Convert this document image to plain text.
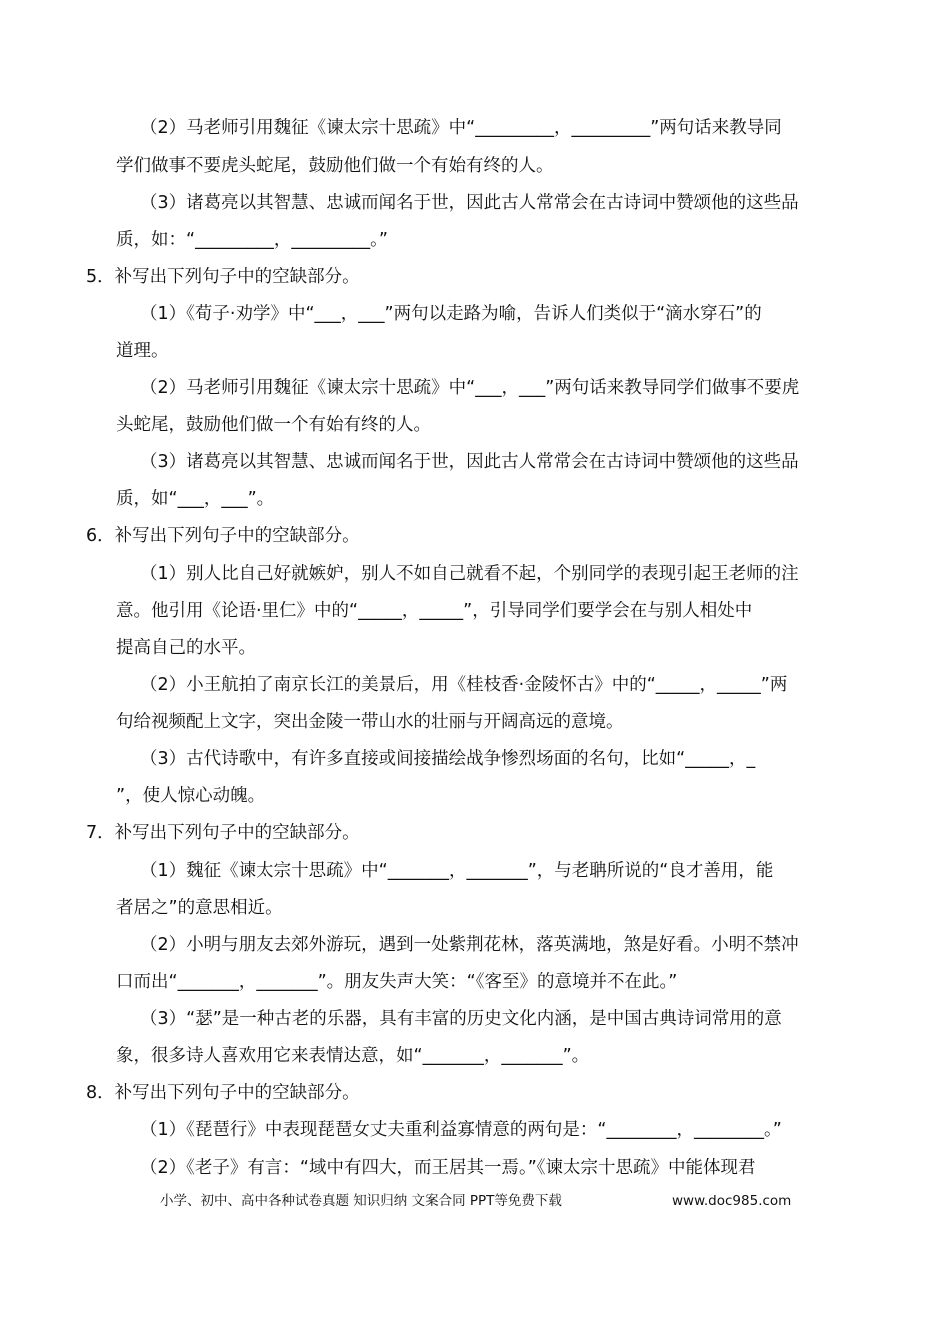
（2）马老师引用魏征《谏太宗十思疏》中“_________，_________”两句话来教导同
学们做事不要虎头蛇尾，鼓励他们做一个有始有终的人。
（3）诸葛亮以其智慧、忠诚而闻名于世，因此古人常常会在古诗词中赞颂他的这些品
质，如：“_________，_________。”
5．补写出下列句子中的空缺部分。
（1）《荀子·劝学》中“___，___”两句以走路为喻，告诉人们类似于“滴水穿石”的
道理。
（2）马老师引用魏征《谏太宗十思疏》中“___，___”两句话来教导同学们做事不要虎
头蛇尾，鼓励他们做一个有始有终的人。
（3）诸葛亮以其智慧、忠诚而闻名于世，因此古人常常会在古诗词中赞颂他的这些品
质，如“___，___”。
6．补写出下列句子中的空缺部分。
（1）别人比自己好就嫉妒，别人不如自己就看不起，个别同学的表现引起王老师的注
意。他引用《论语·里仁》中的“_____，_____”，引导同学们要学会在与别人相处中
提高自己的水平。
（2）小王航拍了南京长江的美景后，用《桂枝香·金陵怀古》中的“_____，_____”两
句给视频配上文字，突出金陵一带山水的壮丽与开阔高远的意境。
（3）古代诗歌中，有许多直接或间接描绘战争惨烈场面的名句，比如“_____，_
”，使人惊心动魄。
7．补写出下列句子中的空缺部分。
（1）魏征《谏太宗十思疏》中“_______，_______”，与老聃所说的“良才善用，能
者居之”的意思相近。
（2）小明与朋友去郊外游玩，遇到一处紫荆花林，落英满地，煞是好看。小明不禁冲
口而出“_______，_______”。朋友失声大笑：“《客至》的意境并不在此。”
（3）“瑟”是一种古老的乐器，具有丰富的历史文化内涵，是中国古典诗词常用的意
象，很多诗人喜欢用它来表情达意，如“_______，_______”。
8．补写出下列句子中的空缺部分。
（1）《琵琶行》中表现琵琶女丈夫重利益寡情意的两句是：“________，________。”
（2）《老子》有言：“域中有四大，而王居其一焉。”《谏太宗十思疏》中能体现君
小学、初中、高中各种试卷真题 知识归纳 文案合同 PPT等免费下载	www.doc985.com
